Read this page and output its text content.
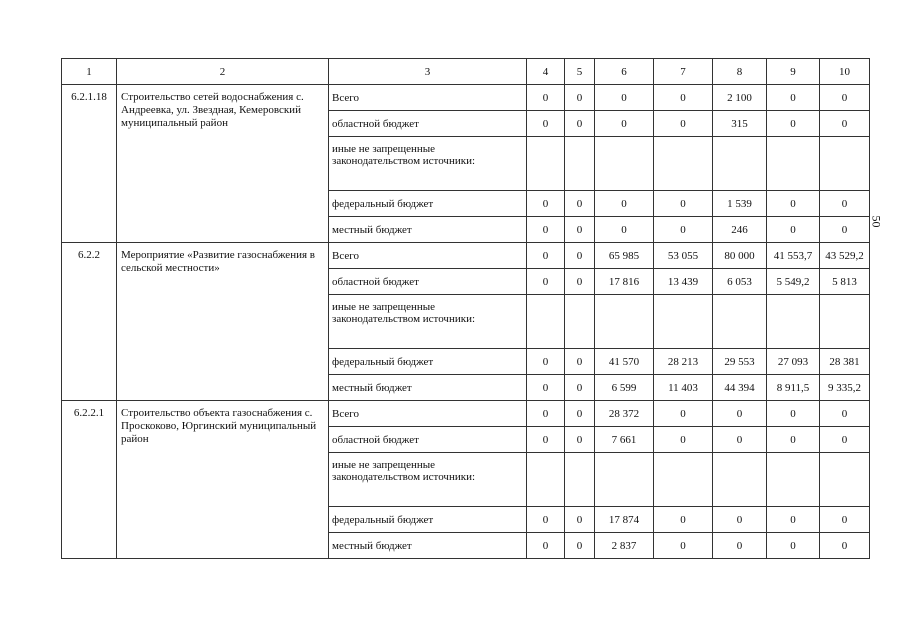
1	2	3	4	5	6	7	8	9	10
6.2.1.18	Строительство сетей водоснабжения с. Андреевка, ул. Звездная, Кемеровский муниципальный район	Всего	0	0	0	0	2 100	0	0
		областной бюджет	0	0	0	0	315	0	0
		иные не запрещенные законодательством источники:							
		федеральный бюджет	0	0	0	0	1 539	0	0
		местный бюджет	0	0	0	0	246	0	0
6.2.2	Мероприятие «Развитие газоснабжения в сельской местности»	Всего	0	0	65 985	53 055	80 000	41 553,7	43 529,2
		областной бюджет	0	0	17 816	13 439	6 053	5 549,2	5 813
		иные не запрещенные законодательством источники:							
		федеральный бюджет	0	0	41 570	28 213	29 553	27 093	28 381
		местный бюджет	0	0	6 599	11 403	44 394	8 911,5	9 335,2
6.2.2.1	Строительство объекта газоснабжения с. Проскоково, Юргинский муниципальный район	Всего	0	0	28 372	0	0	0	0
		областной бюджет	0	0	7 661	0	0	0	0
		иные не запрещенные законодательством источники:							
		федеральный бюджет	0	0	17 874	0	0	0	0
		местный бюджет	0	0	2 837	0	0	0	0
50
